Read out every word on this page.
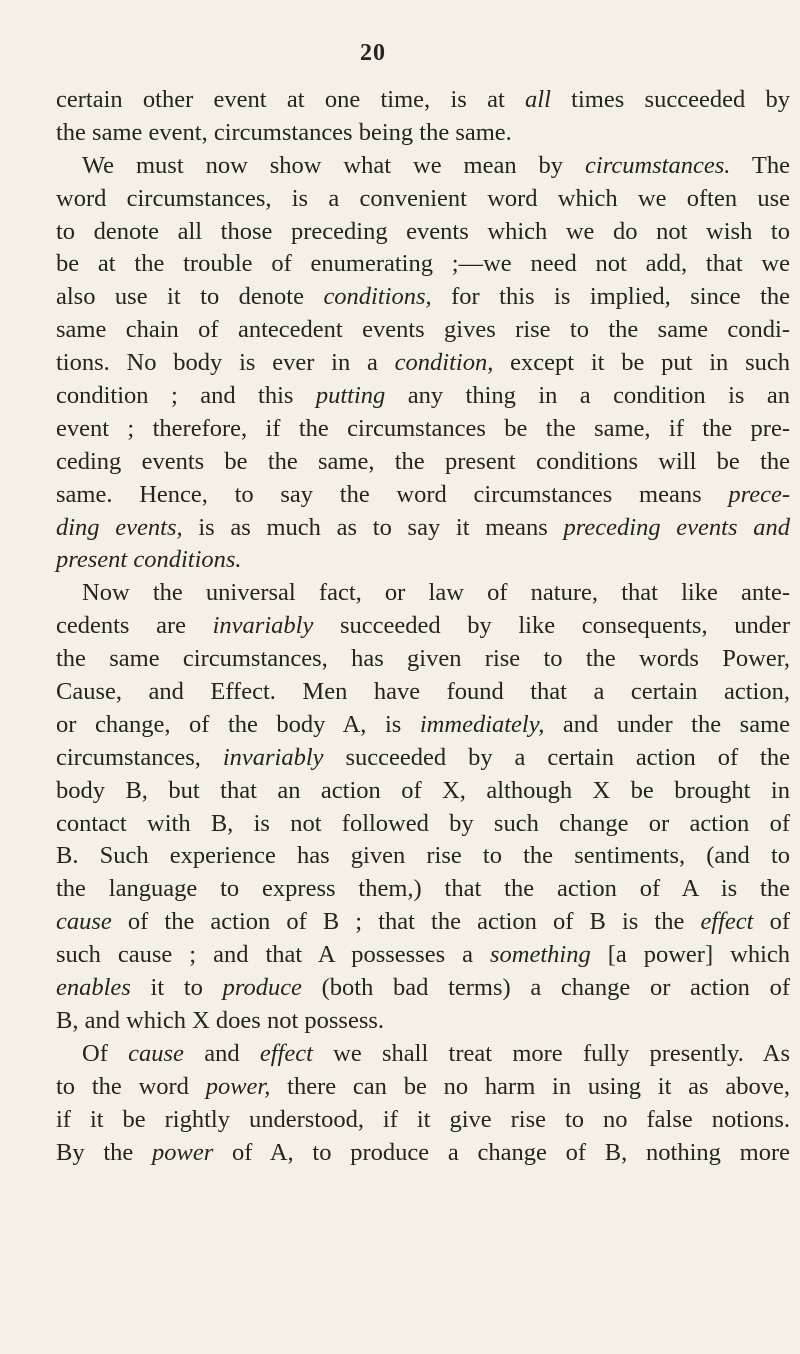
20
certain other event at one time, is at all times succeeded by
the same event, circumstances being the same.
We must now show what we mean by circumstances. The
word circumstances, is a convenient word which we often use
to denote all those preceding events which we do not wish to
be at the trouble of enumerating ;—we need not add, that we
also use it to denote conditions, for this is implied, since the
same chain of antecedent events gives rise to the same condi-
tions. No body is ever in a condition, except it be put in such
condition ; and this putting any thing in a condition is an
event ; therefore, if the circumstances be the same, if the pre-
ceding events be the same, the present conditions will be the
same. Hence, to say the word circumstances means prece-
ding events, is as much as to say it means preceding events and
present conditions.
Now the universal fact, or law of nature, that like ante-
cedents are invariably succeeded by like consequents, under
the same circumstances, has given rise to the words Power,
Cause, and Effect. Men have found that a certain action,
or change, of the body A, is immediately, and under the same
circumstances, invariably succeeded by a certain action of the
body B, but that an action of X, although X be brought in
contact with B, is not followed by such change or action of
B. Such experience has given rise to the sentiments, (and to
the language to express them,) that the action of A is the
cause of the action of B ; that the action of B is the effect of
such cause ; and that A possesses a something [a power] which
enables it to produce (both bad terms) a change or action of
B, and which X does not possess.
Of cause and effect we shall treat more fully presently. As
to the word power, there can be no harm in using it as above,
if it be rightly understood, if it give rise to no false notions.
By the power of A, to produce a change of B, nothing more
